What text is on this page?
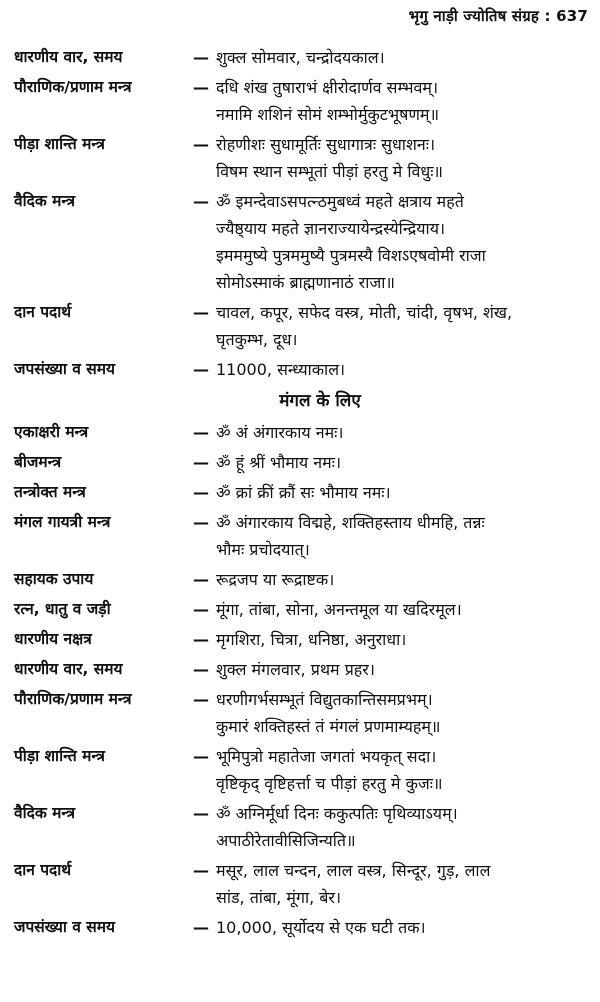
भृगु नाड़ी ज्योतिष संग्रह : 637
धारणीय वार, समय	— शुक्ल सोमवार, चन्द्रोदयकाल।
पौराणिक/प्रणाम मन्त्र	— दधि शंख तुषाराभं क्षीरोदार्णव सम्भवम्।
नमामि शशिनं सोमं शम्भोर्मुकुटभूषणम्॥
पीड़ा शान्ति मन्त्र	— रोहणीशः सुधामूर्तिः सुधागात्रः सुधाशनः।
विषम स्थान सम्भूतां पीड़ां हरतु मे विधुः॥
वैदिक मन्त्र	— ॐ इमन्देवाऽसपत्न्ठमुबध्वं महते क्षत्राय महते
ज्यैष्ठ्याय महते ज्ञानराज्यायेन्द्रस्येन्द्रियाय।
इमममुष्ये पुत्रममुष्यै पुत्रमस्यै विशऽएषवोमी राजा
सोमोऽस्माकं ब्राह्मणानाठं राजा॥
दान पदार्थ	— चावल, कपूर, सफेद वस्त्र, मोती, चांदी, वृषभ, शंख,
घृतकुम्भ, दूध।
जपसंख्या व समय	— 11000, सन्ध्याकाल।
मंगल के लिए
एकाक्षरी मन्त्र	— ॐ अं अंगारकाय नमः।
बीजमन्त्र	— ॐ हूं श्रीं भौमाय नमः।
तन्त्रोक्त मन्त्र	— ॐ क्रां क्रीं क्रौं सः भौमाय नमः।
मंगल गायत्री मन्त्र	— ॐ अंगारकाय विद्महे, शक्तिहस्ताय धीमहि, तन्नः
भौमः प्रचोदयात्।
सहायक उपाय	— रूद्रजप या रूद्राष्टक।
रत्न, धातु व जड़ी	— मूंगा, तांबा, सोना, अनन्तमूल या खदिरमूल।
धारणीय नक्षत्र	— मृगशिरा, चित्रा, धनिष्ठा, अनुराधा।
धारणीय वार, समय	— शुक्ल मंगलवार, प्रथम प्रहर।
पौराणिक/प्रणाम मन्त्र	— धरणीगर्भसम्भूतं विद्युतकान्तिसमप्रभम्।
कुमारं शक्तिहस्तं तं मंगलं प्रणमाम्यहम्॥
पीड़ा शान्ति मन्त्र	— भूमिपुत्रो महातेजा जगतां भयकृत् सदा।
वृष्टिकृद् वृष्टिहर्त्ता च पीड़ां हरतु मे कुजः॥
वैदिक मन्त्र	— ॐ अग्निर्मूर्धा दिनः ककुत्पतिः पृथिव्याऽयम्।
अपाठीरेतावीसिजिन्यति॥
दान पदार्थ	— मसूर, लाल चन्दन, लाल वस्त्र, सिन्दूर, गुड़, लाल
सांड, तांबा, मूंगा, बेर।
जपसंख्या व समय	— 10,000, सूर्योदय से एक घटी तक।
